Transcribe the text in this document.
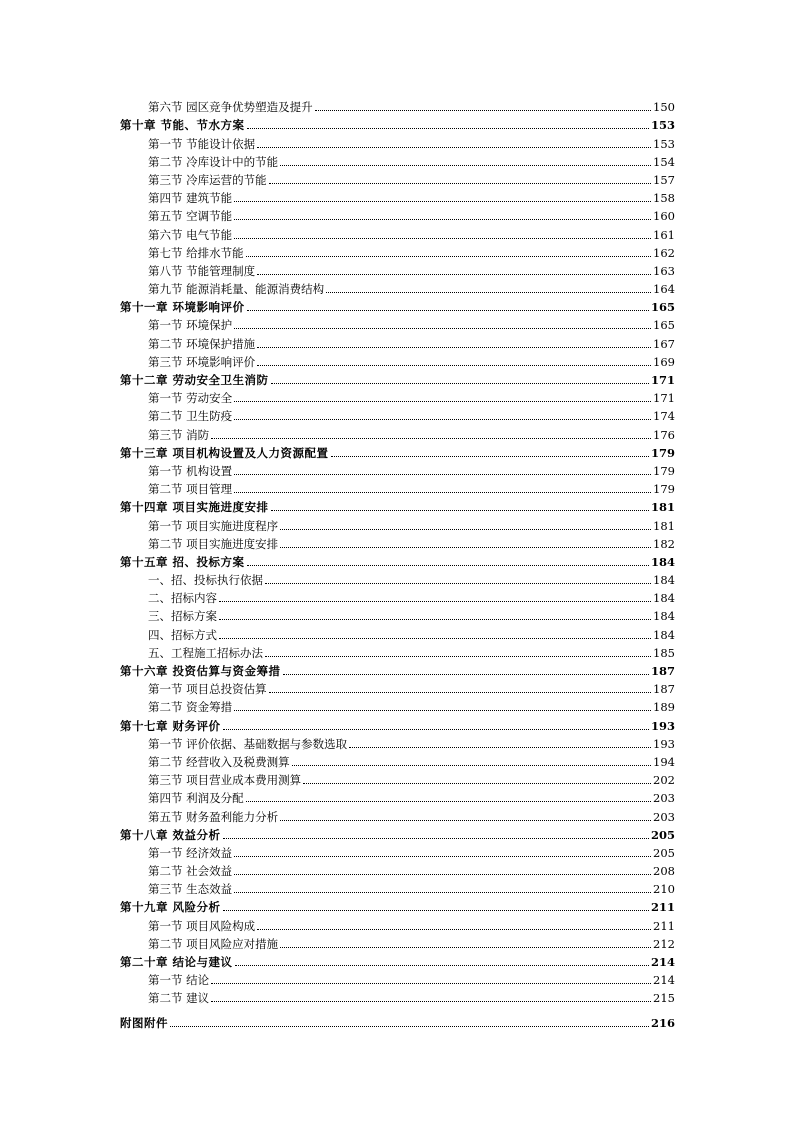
第六节 园区竞争优势塑造及提升	150
第十章 节能、节水方案	153
第一节 节能设计依据	153
第二节 冷库设计中的节能	154
第三节 冷库运营的节能	157
第四节 建筑节能	158
第五节 空调节能	160
第六节 电气节能	161
第七节 给排水节能	162
第八节 节能管理制度	163
第九节 能源消耗量、能源消费结构	164
第十一章 环境影响评价	165
第一节 环境保护	165
第二节 环境保护措施	167
第三节 环境影响评价	169
第十二章 劳动安全卫生消防	171
第一节 劳动安全	171
第二节 卫生防疫	174
第三节 消防	176
第十三章 项目机构设置及人力资源配置	179
第一节 机构设置	179
第二节 项目管理	179
第十四章 项目实施进度安排	181
第一节 项目实施进度程序	181
第二节 项目实施进度安排	182
第十五章 招、投标方案	184
一、招、投标执行依据	184
二、招标内容	184
三、招标方案	184
四、招标方式	184
五、工程施工招标办法	185
第十六章 投资估算与资金筹措	187
第一节 项目总投资估算	187
第二节 资金筹措	189
第十七章 财务评价	193
第一节 评价依据、基础数据与参数选取	193
第二节 经营收入及税费测算	194
第三节 项目营业成本费用测算	202
第四节 利润及分配	203
第五节 财务盈利能力分析	203
第十八章 效益分析	205
第一节 经济效益	205
第二节 社会效益	208
第三节 生态效益	210
第十九章 风险分析	211
第一节 项目风险构成	211
第二节 项目风险应对措施	212
第二十章 结论与建议	214
第一节 结论	214
第二节 建议	215
附图附件	216
